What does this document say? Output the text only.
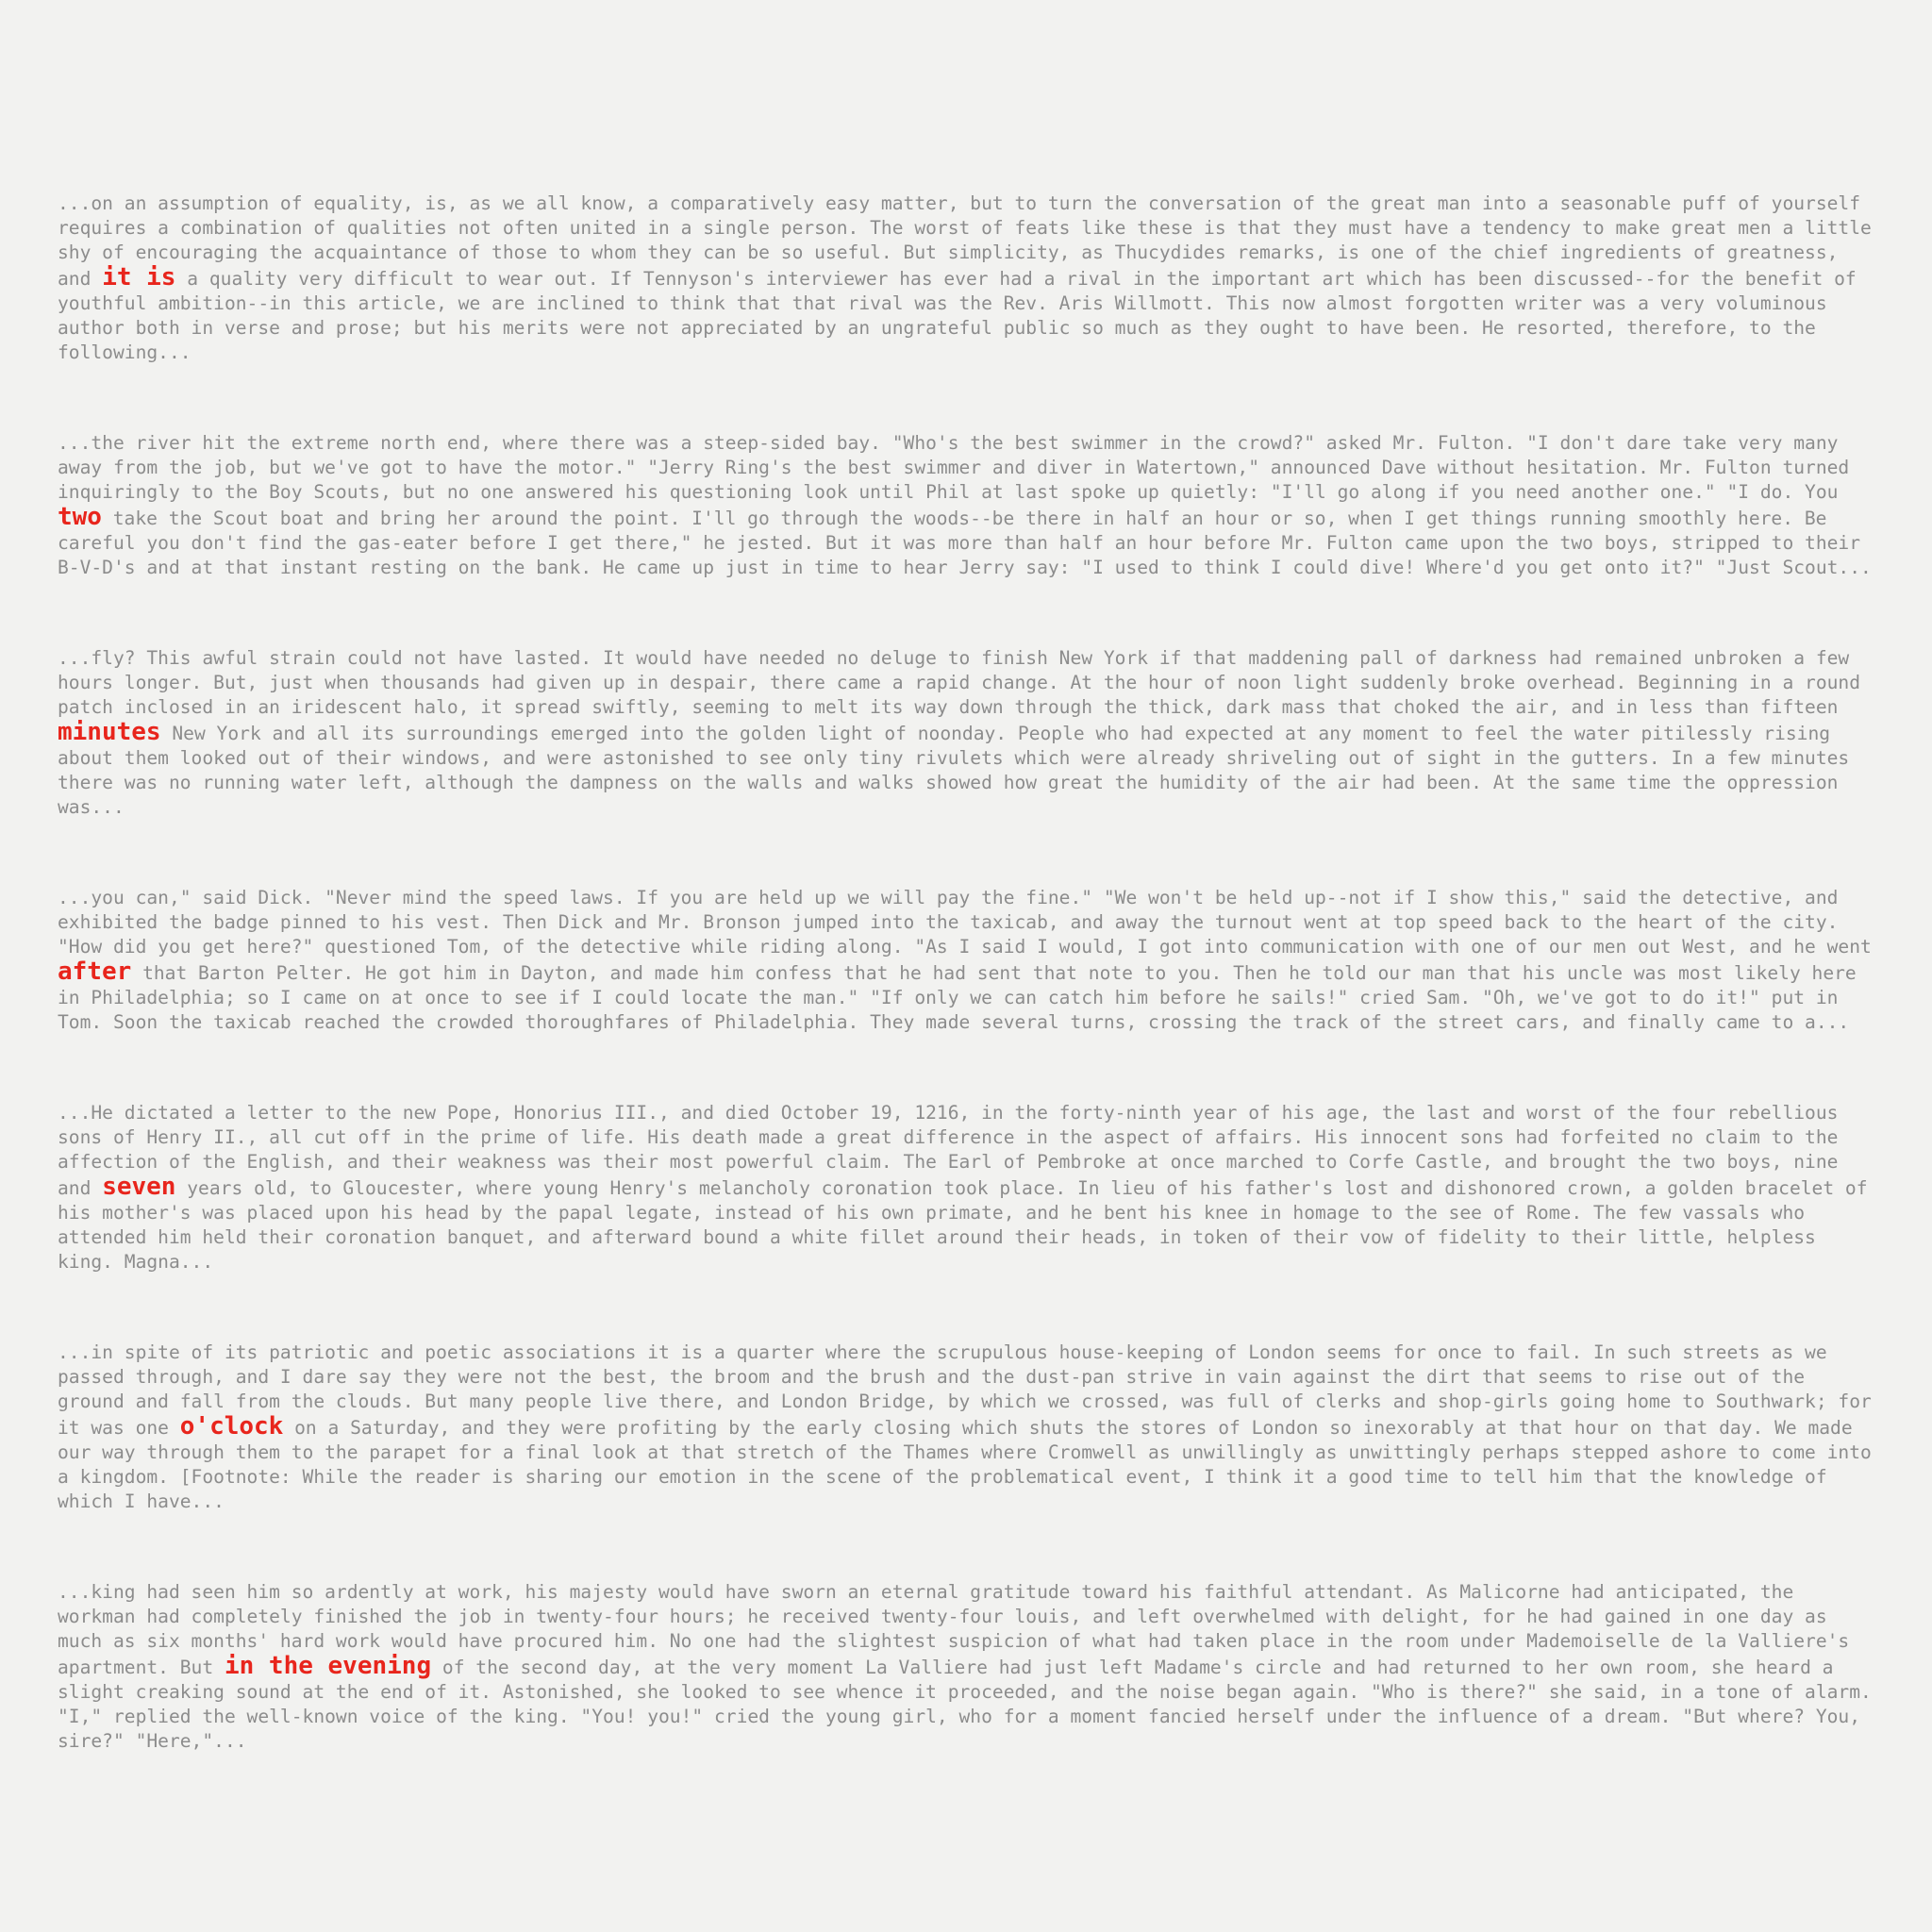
...on an assumption of equality, is, as we all know, a comparatively easy matter, but to turn the conversation of the great man into a seasonable puff of yourself requires a combination of qualities not often united in a single person. The worst of feats like these is that they must have a tendency to make great men a little shy of encouraging the acquaintance of those to whom they can be so useful. But simplicity, as Thucydides remarks, is one of the chief ingredients of greatness, and it is a quality very difficult to wear out. If Tennyson's interviewer has ever had a rival in the important art which has been discussed--for the benefit of youthful ambition--in this article, we are inclined to think that that rival was the Rev. Aris Willmott. This now almost forgotten writer was a very voluminous author both in verse and prose; but his merits were not appreciated by an ungrateful public so much as they ought to have been. He resorted, therefore, to the following...

...the river hit the extreme north end, where there was a steep-sided bay. "Who's the best swimmer in the crowd?" asked Mr. Fulton. "I don't dare take very many away from the job, but we've got to have the motor." "Jerry Ring's the best swimmer and diver in Watertown," announced Dave without hesitation. Mr. Fulton turned inquiringly to the Boy Scouts, but no one answered his questioning look until Phil at last spoke up quietly: "I'll go along if you need another one." "I do. You two take the Scout boat and bring her around the point. I'll go through the woods--be there in half an hour or so, when I get things running smoothly here. Be careful you don't find the gas-eater before I get there," he jested. But it was more than half an hour before Mr. Fulton came upon the two boys, stripped to their B-V-D's and at that instant resting on the bank. He came up just in time to hear Jerry say: "I used to think I could dive! Where'd you get onto it?" "Just Scout...

...fly? This awful strain could not have lasted. It would have needed no deluge to finish New York if that maddening pall of darkness had remained unbroken a few hours longer. But, just when thousands had given up in despair, there came a rapid change. At the hour of noon light suddenly broke overhead. Beginning in a round patch inclosed in an iridescent halo, it spread swiftly, seeming to melt its way down through the thick, dark mass that choked the air, and in less than fifteen minutes New York and all its surroundings emerged into the golden light of noonday. People who had expected at any moment to feel the water pitilessly rising about them looked out of their windows, and were astonished to see only tiny rivulets which were already shriveling out of sight in the gutters. In a few minutes there was no running water left, although the dampness on the walls and walks showed how great the humidity of the air had been. At the same time the oppression was...

...you can," said Dick. "Never mind the speed laws. If you are held up we will pay the fine." "We won't be held up--not if I show this," said the detective, and exhibited the badge pinned to his vest. Then Dick and Mr. Bronson jumped into the taxicab, and away the turnout went at top speed back to the heart of the city. "How did you get here?" questioned Tom, of the detective while riding along. "As I said I would, I got into communication with one of our men out West, and he went after that Barton Pelter. He got him in Dayton, and made him confess that he had sent that note to you. Then he told our man that his uncle was most likely here in Philadelphia; so I came on at once to see if I could locate the man." "If only we can catch him before he sails!" cried Sam. "Oh, we've got to do it!" put in Tom. Soon the taxicab reached the crowded thoroughfares of Philadelphia. They made several turns, crossing the track of the street cars, and finally came to a...

...He dictated a letter to the new Pope, Honorius III., and died October 19, 1216, in the forty-ninth year of his age, the last and worst of the four rebellious sons of Henry II., all cut off in the prime of life. His death made a great difference in the aspect of affairs. His innocent sons had forfeited no claim to the affection of the English, and their weakness was their most powerful claim. The Earl of Pembroke at once marched to Corfe Castle, and brought the two boys, nine and seven years old, to Gloucester, where young Henry's melancholy coronation took place. In lieu of his father's lost and dishonored crown, a golden bracelet of his mother's was placed upon his head by the papal legate, instead of his own primate, and he bent his knee in homage to the see of Rome. The few vassals who attended him held their coronation banquet, and afterward bound a white fillet around their heads, in token of their vow of fidelity to their little, helpless king. Magna...

...in spite of its patriotic and poetic associations it is a quarter where the scrupulous house-keeping of London seems for once to fail. In such streets as we passed through, and I dare say they were not the best, the broom and the brush and the dust-pan strive in vain against the dirt that seems to rise out of the ground and fall from the clouds. But many people live there, and London Bridge, by which we crossed, was full of clerks and shop-girls going home to Southwark; for it was one o'clock on a Saturday, and they were profiting by the early closing which shuts the stores of London so inexorably at that hour on that day. We made our way through them to the parapet for a final look at that stretch of the Thames where Cromwell as unwillingly as unwittingly perhaps stepped ashore to come into a kingdom. [Footnote: While the reader is sharing our emotion in the scene of the problematical event, I think it a good time to tell him that the knowledge of which I have...

...king had seen him so ardently at work, his majesty would have sworn an eternal gratitude toward his faithful attendant. As Malicorne had anticipated, the workman had completely finished the job in twenty-four hours; he received twenty-four louis, and left overwhelmed with delight, for he had gained in one day as much as six months' hard work would have procured him. No one had the slightest suspicion of what had taken place in the room under Mademoiselle de la Valliere's apartment. But in the evening of the second day, at the very moment La Valliere had just left Madame's circle and had returned to her own room, she heard a slight creaking sound at the end of it. Astonished, she looked to see whence it proceeded, and the noise began again. "Who is there?" she said, in a tone of alarm. "I," replied the well-known voice of the king. "You! you!" cried the young girl, who for a moment fancied herself under the influence of a dream. "But where? You, sire?" "Here,"...
